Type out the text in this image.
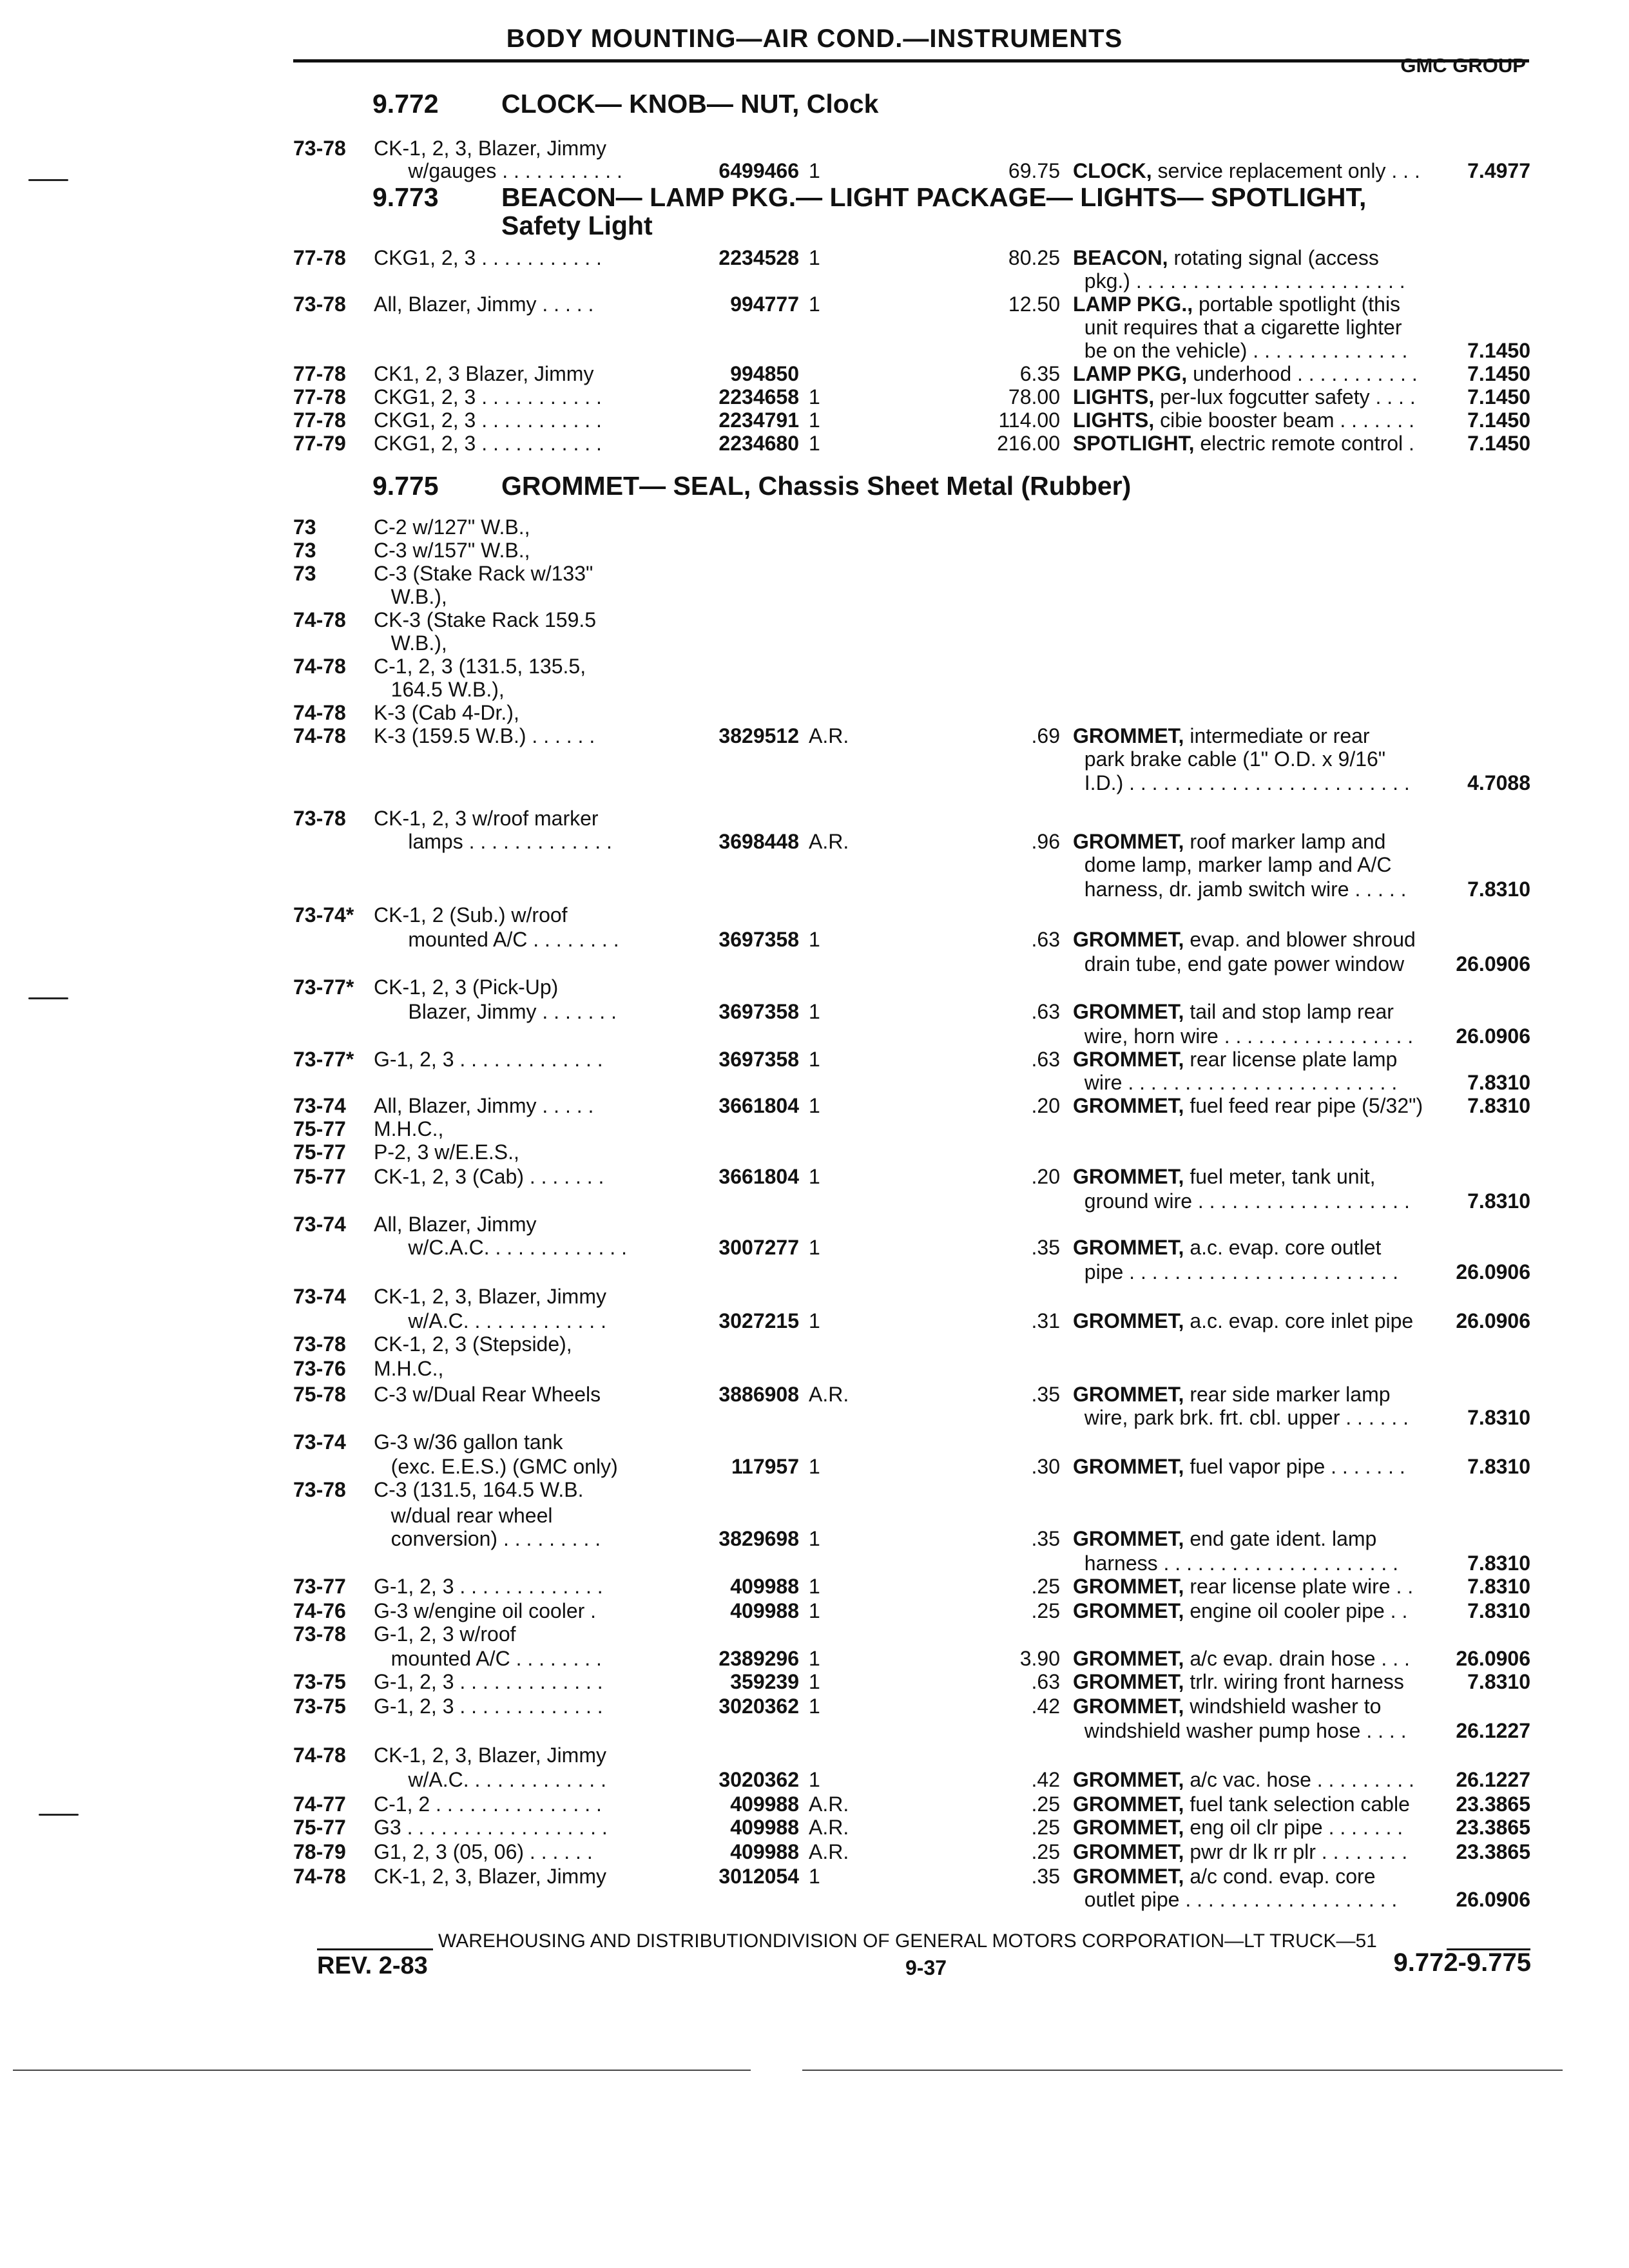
BODY MOUNTING—AIR COND.—INSTRUMENTS
GMC GROUP
9.772 CLOCK— KNOB— NUT, Clock
9.773 BEACON— LAMP PKG.— LIGHT PACKAGE— LIGHTS— SPOTLIGHT,
Safety Light
9.775 GROMMET— SEAL, Chassis Sheet Metal (Rubber)
73-78 CK-1, 2, 3, Blazer, Jimmy
w/gauges . . . . . . . . . . .	6499466 1	69.75 CLOCK, service replacement only . . .	7.4977
77-78 CKG1, 2, 3 . . . . . . . . . . .	2234528 1	80.25 BEACON, rotating signal (access
pkg.) . . . . . . . . . . . . . . . . . . . . . . . .
73-78 All, Blazer, Jimmy . . . . .	994777 1	12.50 LAMP PKG., portable spotlight (this
unit requires that a cigarette lighter
be on the vehicle) . . . . . . . . . . . . . .	7.1450
77-78 CK1, 2, 3 Blazer, Jimmy	994850	6.35 LAMP PKG, underhood . . . . . . . . . . .	7.1450
77-78 CKG1, 2, 3 . . . . . . . . . . .	2234658 1	78.00 LIGHTS, per-lux fogcutter safety . . . .	7.1450
77-78 CKG1, 2, 3 . . . . . . . . . . .	2234791 1	114.00 LIGHTS, cibie booster beam . . . . . . .	7.1450
77-79 CKG1, 2, 3 . . . . . . . . . . .	2234680 1	216.00 SPOTLIGHT, electric remote control .	7.1450
73	C-2 w/127" W.B.,
73	C-3 w/157" W.B.,
73	C-3 (Stake Rack w/133"
W.B.),
74-78 CK-3 (Stake Rack 159.5
W.B.),
74-78 C-1, 2, 3 (131.5, 135.5,
164.5 W.B.),
74-78 K-3 (Cab 4-Dr.),
74-78 K-3 (159.5 W.B.) . . . . . .	3829512 A.R.	.69 GROMMET, intermediate or rear
park brake cable (1" O.D. x 9/16"
I.D.) . . . . . . . . . . . . . . . . . . . . . . . . .	4.7088
73-78 CK-1, 2, 3 w/roof marker
lamps . . . . . . . . . . . . .	3698448 A.R.	.96 GROMMET, roof marker lamp and
dome lamp, marker lamp and A/C
harness, dr. jamb switch wire . . . . .	7.8310
73-74* CK-1, 2 (Sub.) w/roof
mounted A/C . . . . . . . .	3697358 1	.63 GROMMET, evap. and blower shroud
drain tube, end gate power window	26.0906
73-77* CK-1, 2, 3 (Pick-Up)
Blazer, Jimmy . . . . . . .	3697358 1	.63 GROMMET, tail and stop lamp rear
wire, horn wire . . . . . . . . . . . . . . . . .	26.0906
73-77* G-1, 2, 3 . . . . . . . . . . . . .	3697358 1	.63 GROMMET, rear license plate lamp
wire . . . . . . . . . . . . . . . . . . . . . . . .	7.8310
73-74 All, Blazer, Jimmy . . . . .	3661804 1	.20 GROMMET, fuel feed rear pipe (5/32")	7.8310
75-77 M.H.C.,
75-77 P-2, 3 w/E.E.S.,
75-77 CK-1, 2, 3 (Cab) . . . . . . .	3661804 1	.20 GROMMET, fuel meter, tank unit,
ground wire . . . . . . . . . . . . . . . . . . .	7.8310
73-74 All, Blazer, Jimmy
w/C.A.C. . . . . . . . . . . . .	3007277 1	.35 GROMMET, a.c. evap. core outlet
pipe . . . . . . . . . . . . . . . . . . . . . . . .	26.0906
73-74 CK-1, 2, 3, Blazer, Jimmy
w/A.C. . . . . . . . . . . . .	3027215 1	.31 GROMMET, a.c. evap. core inlet pipe	26.0906
73-78 CK-1, 2, 3 (Stepside),
73-76 M.H.C.,
75-78 C-3 w/Dual Rear Wheels	3886908 A.R.	.35 GROMMET, rear side marker lamp
wire, park brk. frt. cbl. upper . . . . . .	7.8310
73-74 G-3 w/36 gallon tank
(exc. E.E.S.) (GMC only)	117957 1	.30 GROMMET, fuel vapor pipe . . . . . . .	7.8310
73-78 C-3 (131.5, 164.5 W.B.
w/dual rear wheel
conversion) . . . . . . . . .	3829698 1	.35 GROMMET, end gate ident. lamp
harness . . . . . . . . . . . . . . . . . . . . .	7.8310
73-77 G-1, 2, 3 . . . . . . . . . . . . .	409988 1	.25 GROMMET, rear license plate wire . .	7.8310
74-76 G-3 w/engine oil cooler .	409988 1	.25 GROMMET, engine oil cooler pipe . .	7.8310
73-78 G-1, 2, 3 w/roof
mounted A/C . . . . . . . .	2389296 1	3.90 GROMMET, a/c evap. drain hose . . .	26.0906
73-75 G-1, 2, 3 . . . . . . . . . . . . .	359239 1	.63 GROMMET, trlr. wiring front harness	7.8310
73-75 G-1, 2, 3 . . . . . . . . . . . . .	3020362 1	.42 GROMMET, windshield washer to
windshield washer pump hose . . . .	26.1227
74-78 CK-1, 2, 3, Blazer, Jimmy
w/A.C. . . . . . . . . . . . .	3020362 1	.42 GROMMET, a/c vac. hose . . . . . . . . .	26.1227
74-77 C-1, 2 . . . . . . . . . . . . . . .	409988 A.R.	.25 GROMMET, fuel tank selection cable	23.3865
75-77 G3 . . . . . . . . . . . . . . . . . .	409988 A.R.	.25 GROMMET, eng oil clr pipe . . . . . . .	23.3865
78-79 G1, 2, 3 (05, 06) . . . . . .	409988 A.R.	.25 GROMMET, pwr dr lk rr plr . . . . . . . .	23.3865
74-78 CK-1, 2, 3, Blazer, Jimmy	3012054 1	.35 GROMMET, a/c cond. evap. core
outlet pipe . . . . . . . . . . . . . . . . . . .	26.0906
WAREHOUSING AND DISTRIBUTIONDIVISION OF GENERAL MOTORS CORPORATION—LT TRUCK—51
REV. 2-83	9-37	9.772-9.775
